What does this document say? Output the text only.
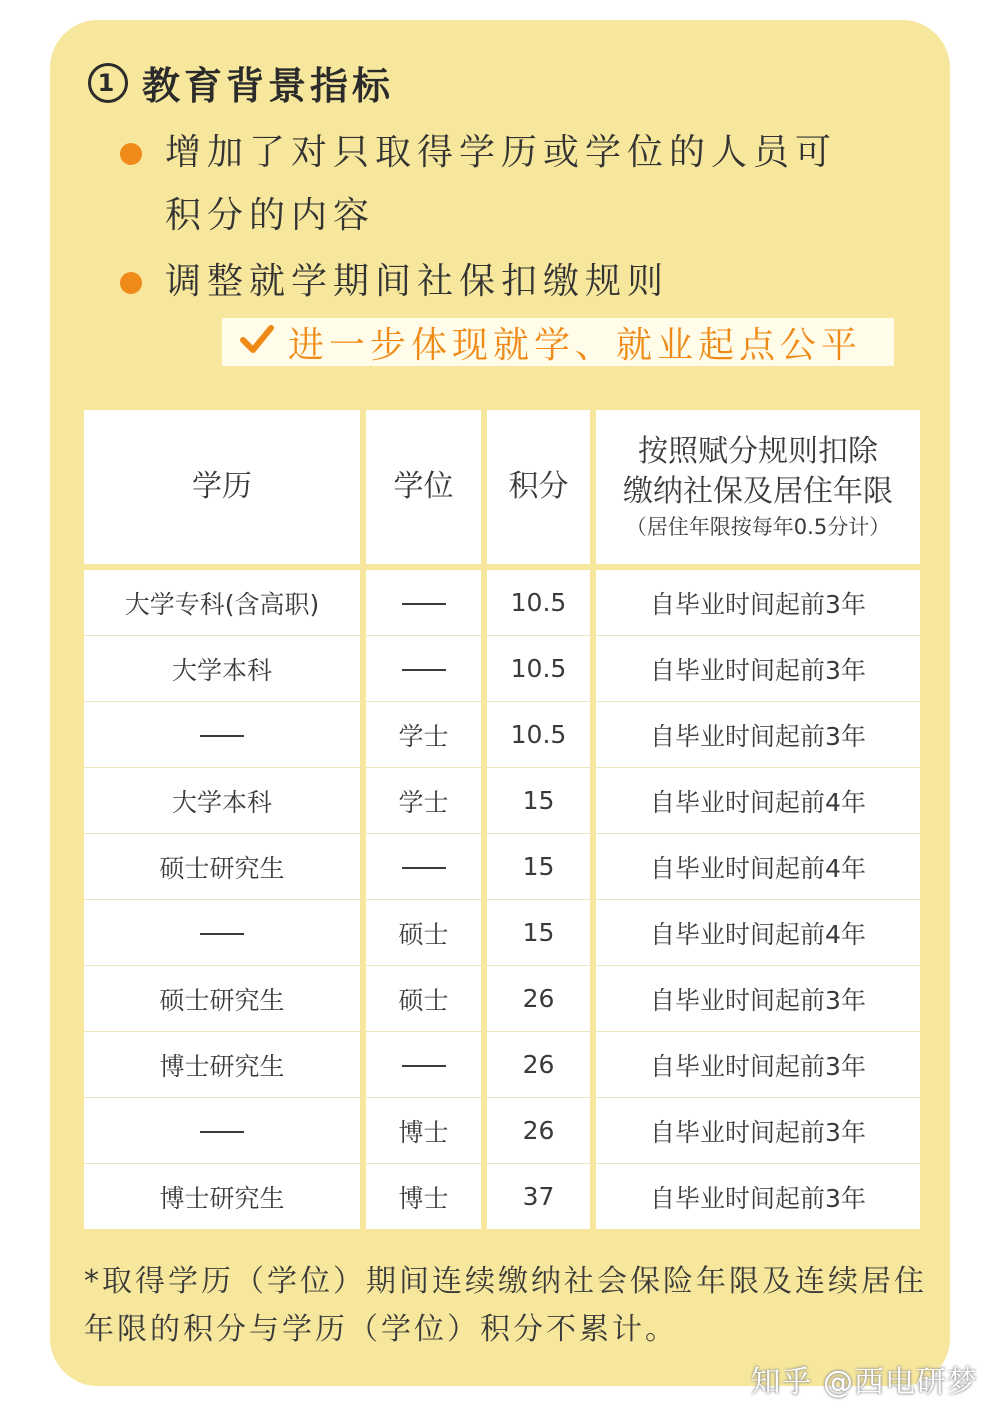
1 教育背景指标
增加了对只取得学历或学位的人员可
积分的内容
调整就学期间社保扣缴规则
进一步体现就学、就业起点公平
学历	学位	积分	按照赋分规则扣除
缴纳社保及居住年限
（居住年限按每年0.5分计）

大学专科(含高职)		10.5	自毕业时间起前3年
大学本科		10.5	自毕业时间起前3年
	学士	10.5	自毕业时间起前3年
大学本科	学士	15	自毕业时间起前4年
硕士研究生		15	自毕业时间起前4年
	硕士	15	自毕业时间起前4年
硕士研究生	硕士	26	自毕业时间起前3年
博士研究生		26	自毕业时间起前3年
	博士	26	自毕业时间起前3年
博士研究生	博士	37	自毕业时间起前3年
*取得学历（学位）期间连续缴纳社会保险年限及连续居住年限的积分与学历（学位）积分不累计。
知乎 @西电研梦
